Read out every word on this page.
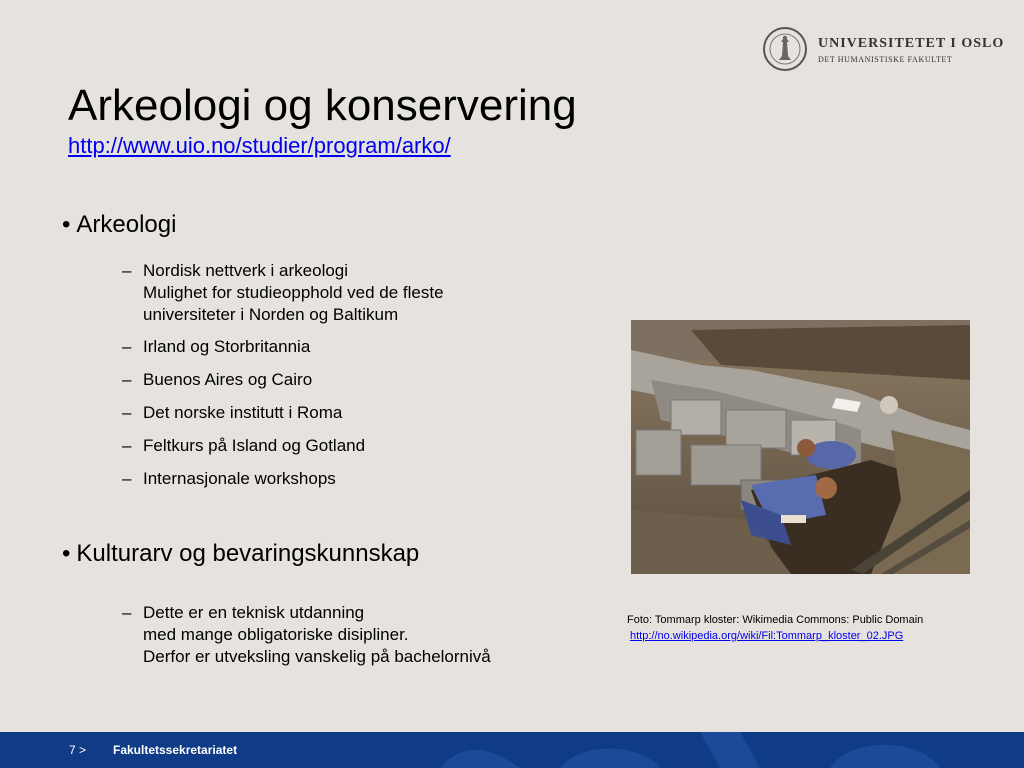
UNIVERSITETET I OSLO
DET HUMANISTISKE FAKULTET
Arkeologi og konservering
http://www.uio.no/studier/program/arko/
• Arkeologi
– Nordisk nettverk i arkeologi
Mulighet for studieopphold ved de fleste
universiteter i Norden og Baltikum
– Irland og Storbritannia
– Buenos Aires og Cairo
– Det norske institutt i Roma
– Feltkurs på Island og Gotland
– Internasjonale workshops
• Kulturarv og bevaringskunnskap
– Dette er en teknisk utdanning
med mange obligatoriske disipliner.
Derfor er utveksling vanskelig på bachelornivå
Foto: Tommarp kloster: Wikimedia Commons: Public Domain
http://no.wikipedia.org/wiki/Fil:Tommarp_kloster_02.JPG
7 > Fakultetssekretariatet
